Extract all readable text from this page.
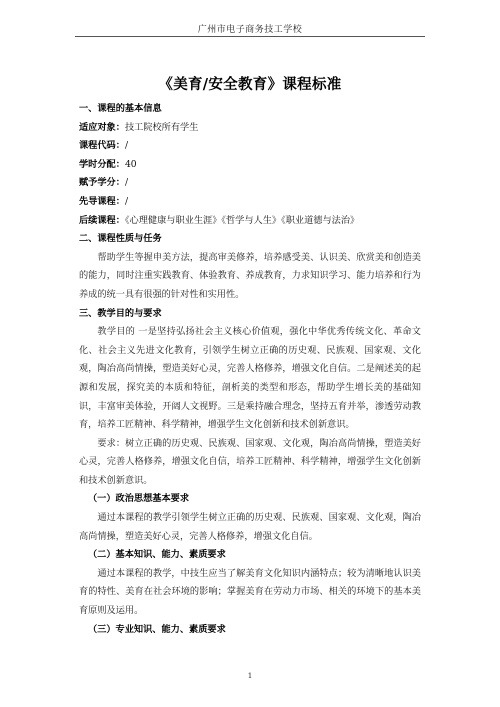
广州市电子商务技工学校
《美育/安全教育》课程标准
一、课程的基本信息
适应对象：技工院校所有学生
课程代码：/
学时分配：40
赋予学分：/
先导课程：/
后续课程：《心理健康与职业生涯》《哲学与人生》《职业道德与法治》
二、课程性质与任务
帮助学生等握申美方法，提高审美修养，培养感受美、认识美、欣赏美和创造美的能力，同时注重实践教育、体验教育、养成教育，力求知识学习、能力培养和行为养成的统一具有很强的针对性和实用性。
三、教学目的与要求
教学目的 一是坚持弘扬社会主义核心价值观，强化中华优秀传统文化、革命文化、社会主义先进文化教育，引领学生树立正确的历史观、民族观、国家观、文化观，陶冶高尚情操，塑造美好心灵，完善人格修养，增强文化自信。二是阐述美的起源和发展，探究美的本质和特征，剖析美的类型和形态，帮助学生增长美的基础知识，丰富审美体验，开阔人文视野。三是乘持融合理念，坚持五育并举，渗透劳动教育，培养工匠精神、科学精神，增强学生文化创新和技术创新意识。
要求：树立正确的历史观、民族观、国家观、文化观，陶冶高尚情操，塑造美好心灵，完善人格修养，增强文化自信，培养工匠精神、科学精神，增强学生文化创新和技术创新意识。
（一）政治思想基本要求
通过本课程的教学引领学生树立正确的历史观、民族观、国家观、文化观，陶冶高尚情操，塑造美好心灵，完善人格修养，增强文化自信。
（二）基本知识、能力、素质要求
通过本课程的教学，中技生应当了解美育文化知识内涵特点；较为清晰地认识美育的特性、美育在社会环境的影响；掌握美育在劳动力市场、相关的环境下的基本美育原则及运用。
（三）专业知识、能力、素质要求
1
